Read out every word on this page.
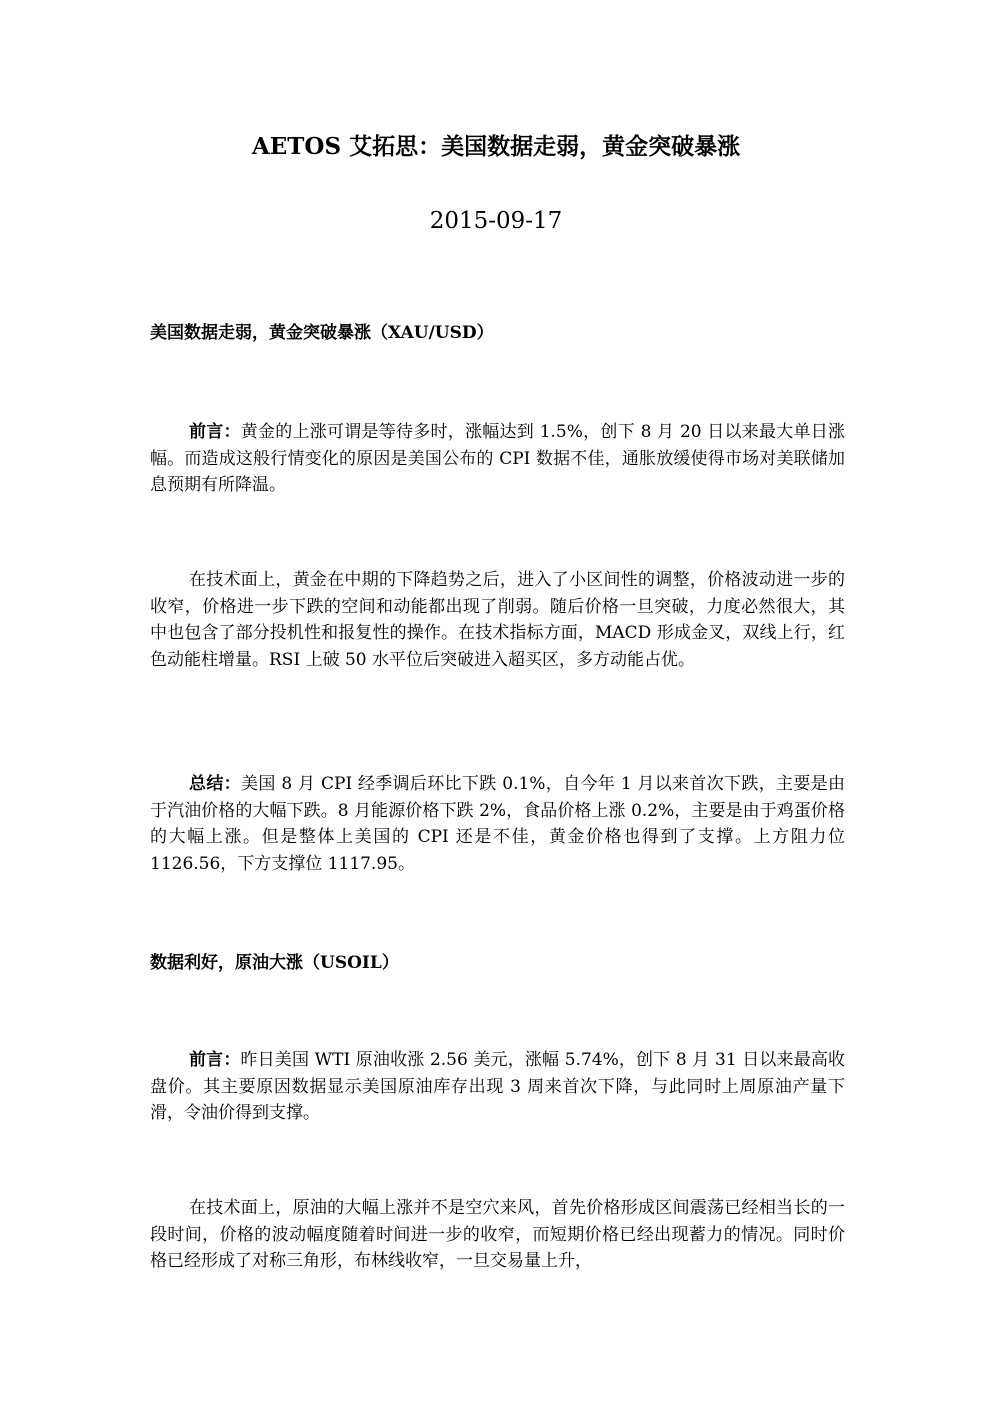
AETOS 艾拓思：美国数据走弱，黄金突破暴涨
2015-09-17
美国数据走弱，黄金突破暴涨（XAU/USD）

前言：黄金的上涨可谓是等待多时，涨幅达到 1.5%，创下 8 月 20 日以来最大单日涨幅。而造成这般行情变化的原因是美国公布的 CPI 数据不佳，通胀放缓使得市场对美联储加息预期有所降温。

在技术面上，黄金在中期的下降趋势之后，进入了小区间性的调整，价格波动进一步的收窄，价格进一步下跌的空间和动能都出现了削弱。随后价格一旦突破，力度必然很大，其中也包含了部分投机性和报复性的操作。在技术指标方面，MACD 形成金叉，双线上行，红色动能柱增量。RSI 上破 50 水平位后突破进入超买区，多方动能占优。

总结：美国 8 月 CPI 经季调后环比下跌 0.1%，自今年 1 月以来首次下跌，主要是由于汽油价格的大幅下跌。8 月能源价格下跌 2%，食品价格上涨 0.2%，主要是由于鸡蛋价格的大幅上涨。但是整体上美国的 CPI 还是不佳，黄金价格也得到了支撑。上方阻力位 1126.56，下方支撑位 1117.95。

数据利好，原油大涨（USOIL）

前言：昨日美国 WTI 原油收涨 2.56 美元，涨幅 5.74%，创下 8 月 31 日以来最高收盘价。其主要原因数据显示美国原油库存出现 3 周来首次下降，与此同时上周原油产量下滑，令油价得到支撑。

在技术面上，原油的大幅上涨并不是空穴来风，首先价格形成区间震荡已经相当长的一段时间，价格的波动幅度随着时间进一步的收窄，而短期价格已经出现蓄力的情况。同时价格已经形成了对称三角形，布林线收窄，一旦交易量上升，
